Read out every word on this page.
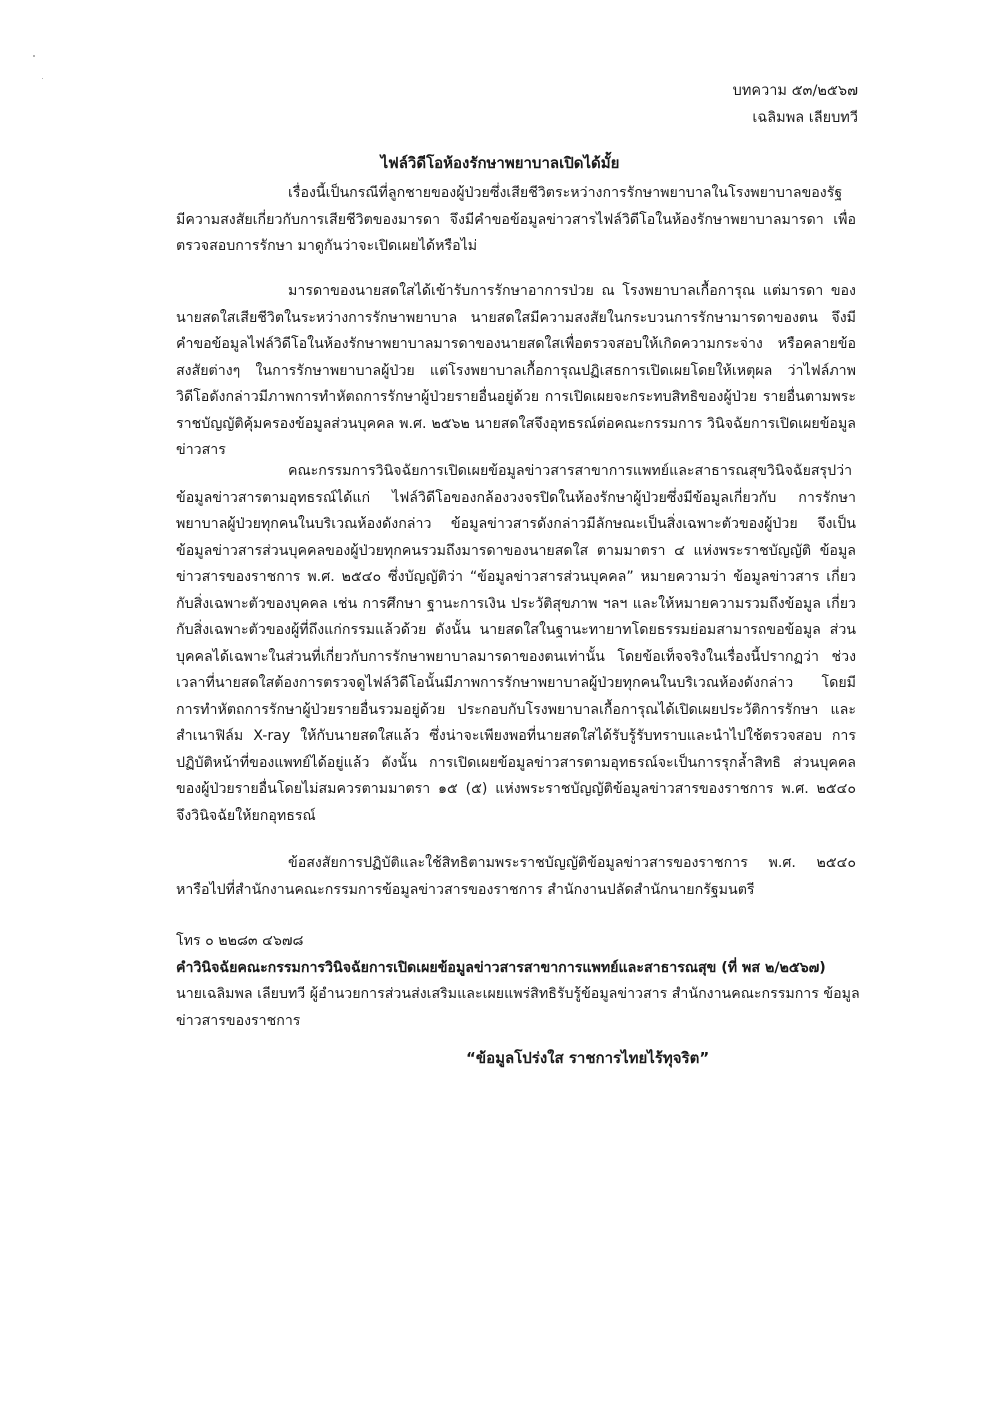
บทความ ๕๓/๒๕๖๗
เฉลิมพล เลียบทวี
ไฟล์วิดีโอห้องรักษาพยาบาลเปิดได้มั้ย

เรื่องนี้เป็นกรณีที่ลูกชายของผู้ป่วยซึ่งเสียชีวิตระหว่างการรักษาพยาบาลในโรงพยาบาลของรัฐ มีความสงสัยเกี่ยวกับการเสียชีวิตของมารดา จึงมีคำขอข้อมูลข่าวสารไฟล์วิดีโอในห้องรักษาพยาบาลมารดา เพื่อตรวจสอบการรักษา มาดูกันว่าจะเปิดเผยได้หรือไม่

มารดาของนายสดใสได้เข้ารับการรักษาอาการป่วย ณ โรงพยาบาลเกื้อการุณ แต่มารดา ของนายสดใสเสียชีวิตในระหว่างการรักษาพยาบาล นายสดใสมีความสงสัยในกระบวนการรักษามารดาของตน จึงมีคำขอข้อมูลไฟล์วิดีโอในห้องรักษาพยาบาลมารดาของนายสดใสเพื่อตรวจสอบให้เกิดความกระจ่าง หรือคลายข้อสงสัยต่างๆ ในการรักษาพยาบาลผู้ป่วย แต่โรงพยาบาลเกื้อการุณปฏิเสธการเปิดเผยโดยให้เหตุผล ว่าไฟล์ภาพวิดีโอดังกล่าวมีภาพการทำหัตถการรักษาผู้ป่วยรายอื่นอยู่ด้วย การเปิดเผยจะกระทบสิทธิของผู้ป่วย รายอื่นตามพระราชบัญญัติคุ้มครองข้อมูลส่วนบุคคล พ.ศ. ๒๕๖๒ นายสดใสจึงอุทธรณ์ต่อคณะกรรมการ วินิจฉัยการเปิดเผยข้อมูลข่าวสาร

คณะกรรมการวินิจฉัยการเปิดเผยข้อมูลข่าวสารสาขาการแพทย์และสาธารณสุขวินิจฉัยสรุปว่า ข้อมูลข่าวสารตามอุทธรณ์ได้แก่ ไฟล์วิดีโอของกล้องวงจรปิดในห้องรักษาผู้ป่วยซึ่งมีข้อมูลเกี่ยวกับ การรักษาพยาบาลผู้ป่วยทุกคนในบริเวณห้องดังกล่าว ข้อมูลข่าวสารดังกล่าวมีลักษณะเป็นสิ่งเฉพาะตัวของผู้ป่วย จึงเป็นข้อมูลข่าวสารส่วนบุคคลของผู้ป่วยทุกคนรวมถึงมารดาของนายสดใส ตามมาตรา ๔ แห่งพระราชบัญญัติ ข้อมูลข่าวสารของราชการ พ.ศ. ๒๕๔๐ ซึ่งบัญญัติว่า “ข้อมูลข่าวสารส่วนบุคคล” หมายความว่า ข้อมูลข่าวสาร เกี่ยวกับสิ่งเฉพาะตัวของบุคคล เช่น การศึกษา ฐานะการเงิน ประวัติสุขภาพ ฯลฯ และให้หมายความรวมถึงข้อมูล เกี่ยวกับสิ่งเฉพาะตัวของผู้ที่ถึงแก่กรรมแล้วด้วย ดังนั้น นายสดใสในฐานะทายาทโดยธรรมย่อมสามารถขอข้อมูล ส่วนบุคคลได้เฉพาะในส่วนที่เกี่ยวกับการรักษาพยาบาลมารดาของตนเท่านั้น โดยข้อเท็จจริงในเรื่องนี้ปรากฏว่า ช่วงเวลาที่นายสดใสต้องการตรวจดูไฟล์วิดีโอนั้นมีภาพการรักษาพยาบาลผู้ป่วยทุกคนในบริเวณห้องดังกล่าว โดยมีการทำหัตถการรักษาผู้ป่วยรายอื่นรวมอยู่ด้วย ประกอบกับโรงพยาบาลเกื้อการุณได้เปิดเผยประวัติการรักษา และสำเนาฟิล์ม X-ray ให้กับนายสดใสแล้ว ซึ่งน่าจะเพียงพอที่นายสดใสได้รับรู้รับทราบและนำไปใช้ตรวจสอบ การปฏิบัติหน้าที่ของแพทย์ได้อยู่แล้ว ดังนั้น การเปิดเผยข้อมูลข่าวสารตามอุทธรณ์จะเป็นการรุกล้ำสิทธิ ส่วนบุคคลของผู้ป่วยรายอื่นโดยไม่สมควรตามมาตรา ๑๕ (๕) แห่งพระราชบัญญัติข้อมูลข่าวสารของราชการ พ.ศ. ๒๕๔๐ จึงวินิจฉัยให้ยกอุทธรณ์

ข้อสงสัยการปฏิบัติและใช้สิทธิตามพระราชบัญญัติข้อมูลข่าวสารของราชการ พ.ศ. ๒๕๔๐ หารือไปที่สำนักงานคณะกรรมการข้อมูลข่าวสารของราชการ สำนักงานปลัดสำนักนายกรัฐมนตรี

โทร ๐ ๒๒๘๓ ๔๖๗๘
คำวินิจฉัยคณะกรรมการวินิจฉัยการเปิดเผยข้อมูลข่าวสารสาขาการแพทย์และสาธารณสุข (ที่ พส ๒/๒๕๖๗)
นายเฉลิมพล เลียบทวี ผู้อำนวยการส่วนส่งเสริมและเผยแพร่สิทธิรับรู้ข้อมูลข่าวสาร สำนักงานคณะกรรมการ ข้อมูลข่าวสารของราชการ
“ข้อมูลโปร่งใส ราชการไทยไร้ทุจริต”
